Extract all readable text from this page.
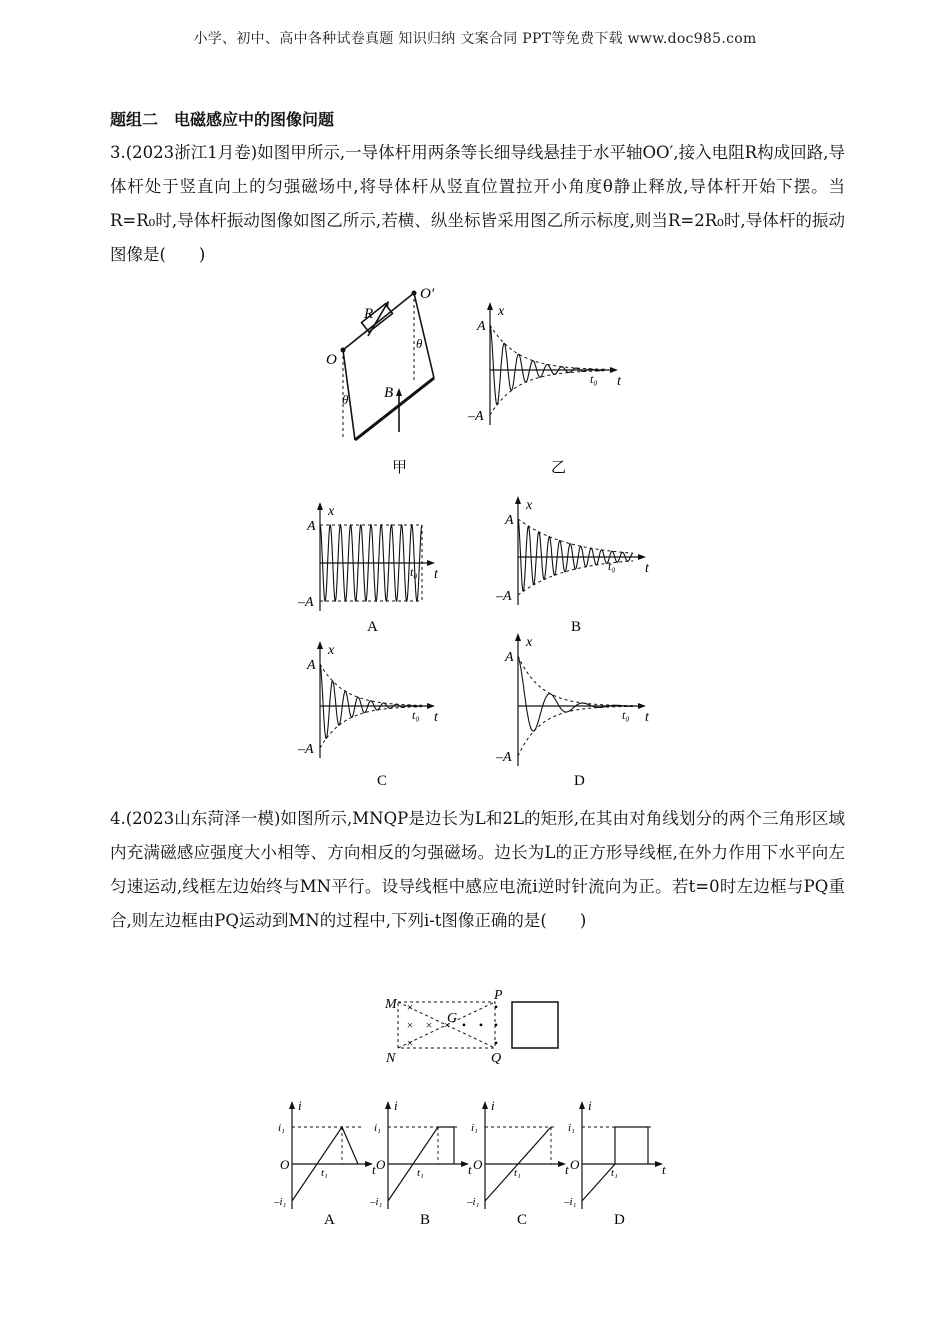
小学、初中、高中各种试卷真题 知识归纳 文案合同 PPT等免费下载 www.doc985.com
题组二　电磁感应中的图像问题
3.(2023浙江1月卷)如图甲所示,一导体杆用两条等长细导线悬挂于水平轴OO′,接入电阻R构成回路,导体杆处于竖直向上的匀强磁场中,将导体杆从竖直位置拉开小角度θ静止释放,导体杆开始下摆。当R=R₀时,导体杆振动图像如图乙所示,若横、纵坐标皆采用图乙所示标度,则当R=2R₀时,导体杆的振动图像是(　　)
4.(2023山东菏泽一模)如图所示,MNQP是边长为L和2L的矩形,在其由对角线划分的两个三角形区域内充满磁感应强度大小相等、方向相反的匀强磁场。边长为L的正方形导线框,在外力作用下水平向左匀速运动,线框左边始终与MN平行。设导线框中感应电流i逆时针流向为正。若t=0时左边框与PQ重合,则左边框由PQ运动到MN的过程中,下列i-t图像正确的是(　　)
R
O
O′
θ
θ
B
甲
x
t
A
–A
t₀
x
t
A
–A
t₀
x
t
A
–A
t₀
x
t
A
–A
t₀
x
t
A
–A
t₀
乙
A	B
C	D
×
×
×
× × • •
•
•
•
M
N
P
Q
G
i
t
O
i₁
–i₁
t₁
A
i
t
O
i₁
–i₁
t₁
B
i
t
O
i₁
–i₁
t₁
C
i
t
O
i₁
–i₁
t₁
D
